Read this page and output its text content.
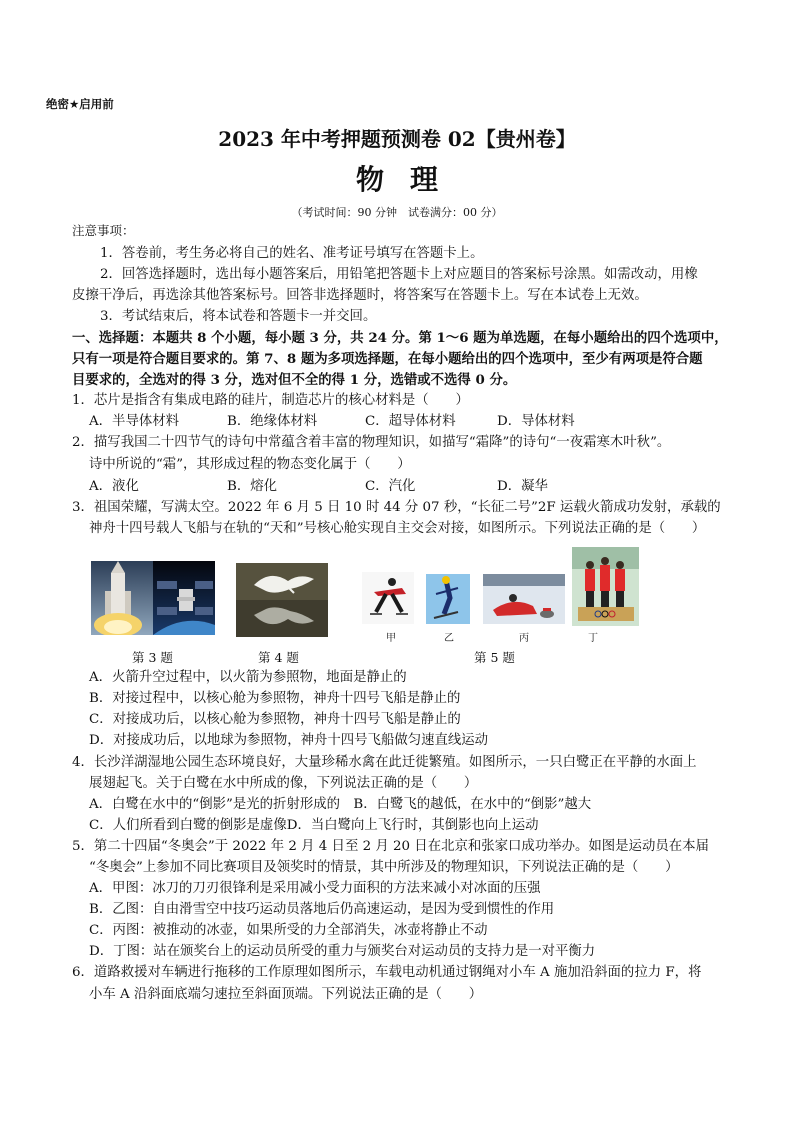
绝密★启用前
2023 年中考押题预测卷 02【贵州卷】
物理
（考试时间：90 分钟　试卷满分：00 分）
注意事项：
1．答卷前，考生务必将自己的姓名、准考证号填写在答题卡上。
2．回答选择题时，选出每小题答案后，用铅笔把答题卡上对应题目的答案标号涂黑。如需改动，用橡
皮擦干净后，再选涂其他答案标号。回答非选择题时，将答案写在答题卡上。写在本试卷上无效。
3．考试结束后，将本试卷和答题卡一并交回。
一、选择题：本题共 8 个小题，每小题 3 分，共 24 分。第 1～6 题为单选题，在每小题给出的四个选项中，
只有一项是符合题目要求的。第 7、8 题为多项选择题，在每小题给出的四个选项中，至少有两项是符合题
目要求的，全选对的得 3 分，选对但不全的得 1 分，选错或不选得 0 分。
1．芯片是指含有集成电路的硅片，制造芯片的核心材料是（　　）
A．半导体材料	B．绝缘体材料	C．超导体材料	D．导体材料
2．描写我国二十四节气的诗句中常蕴含着丰富的物理知识，如描写“霜降”的诗句“一夜霜寒木叶秋”。
诗中所说的“霜”，其形成过程的物态变化属于（　　）
A．液化	B．熔化	C．汽化	D．凝华
3．祖国荣耀，写满太空。2022 年 6 月 5 日 10 时 44 分 07 秒，“长征二号”2F 运载火箭成功发射，承载的
神舟十四号载人飞船与在轨的“天和”号核心舱实现自主交会对接，如图所示。下列说法正确的是（　　）
第 3 题	第 4 题
甲	乙	丙	丁
第 5 题
A．火箭升空过程中，以火箭为参照物，地面是静止的
B．对接过程中，以核心舱为参照物，神舟十四号飞船是静止的
C．对接成功后，以核心舱为参照物，神舟十四号飞船是静止的
D．对接成功后，以地球为参照物，神舟十四号飞船做匀速直线运动
4．长沙洋湖湿地公园生态环境良好，大量珍稀水禽在此迁徙繁殖。如图所示，一只白鹭正在平静的水面上
展翅起飞。关于白鹭在水中所成的像，下列说法正确的是（　　）
A．白鹭在水中的“倒影”是光的折射形成的　B．白鹭飞的越低，在水中的“倒影”越大
C．人们所看到白鹭的倒影是虚像D．当白鹭向上飞行时，其倒影也向上运动
5．第二十四届“冬奥会”于 2022 年 2 月 4 日至 2 月 20 日在北京和张家口成功举办。如图是运动员在本届
“冬奥会”上参加不同比赛项目及领奖时的情景，其中所涉及的物理知识，下列说法正确的是（　　）
A．甲图：冰刀的刀刃很锋利是采用减小受力面积的方法来减小对冰面的压强
B．乙图：自由滑雪空中技巧运动员落地后仍高速运动，是因为受到惯性的作用
C．丙图：被推动的冰壶，如果所受的力全部消失，冰壶将静止不动
D．丁图：站在颁奖台上的运动员所受的重力与颁奖台对运动员的支持力是一对平衡力
6．道路救援对车辆进行拖移的工作原理如图所示，车载电动机通过钢绳对小车 A 施加沿斜面的拉力 F，将
小车 A 沿斜面底端匀速拉至斜面顶端。下列说法正确的是（　　）
